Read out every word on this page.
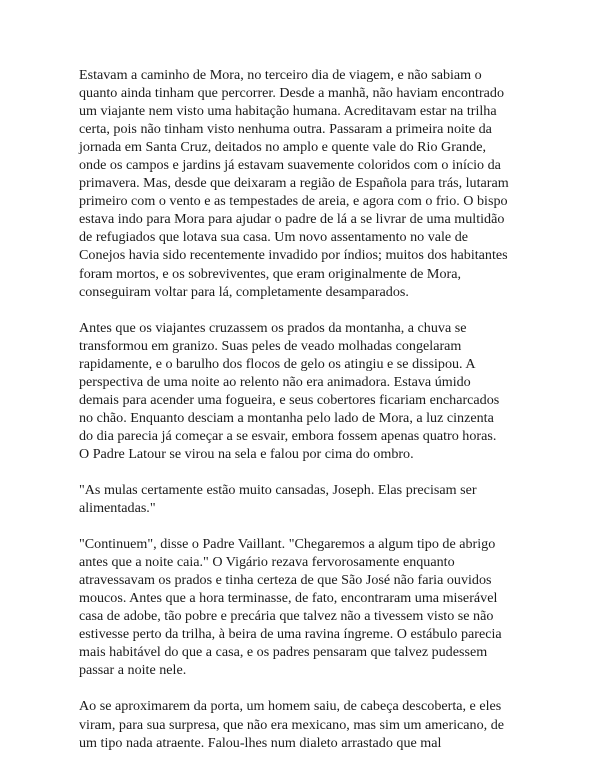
Estavam a caminho de Mora, no terceiro dia de viagem, e não sabiam o
quanto ainda tinham que percorrer. Desde a manhã, não haviam encontrado
um viajante nem visto uma habitação humana. Acreditavam estar na trilha
certa, pois não tinham visto nenhuma outra. Passaram a primeira noite da
jornada em Santa Cruz, deitados no amplo e quente vale do Rio Grande,
onde os campos e jardins já estavam suavemente coloridos com o início da
primavera. Mas, desde que deixaram a região de Española para trás, lutaram
primeiro com o vento e as tempestades de areia, e agora com o frio. O bispo
estava indo para Mora para ajudar o padre de lá a se livrar de uma multidão
de refugiados que lotava sua casa. Um novo assentamento no vale de
Conejos havia sido recentemente invadido por índios; muitos dos habitantes
foram mortos, e os sobreviventes, que eram originalmente de Mora,
conseguiram voltar para lá, completamente desamparados.

Antes que os viajantes cruzassem os prados da montanha, a chuva se
transformou em granizo. Suas peles de veado molhadas congelaram
rapidamente, e o barulho dos flocos de gelo os atingiu e se dissipou. A
perspectiva de uma noite ao relento não era animadora. Estava úmido
demais para acender uma fogueira, e seus cobertores ficariam encharcados
no chão. Enquanto desciam a montanha pelo lado de Mora, a luz cinzenta
do dia parecia já começar a se esvair, embora fossem apenas quatro horas.
O Padre Latour se virou na sela e falou por cima do ombro.

"As mulas certamente estão muito cansadas, Joseph. Elas precisam ser
alimentadas."

"Continuem", disse o Padre Vaillant. "Chegaremos a algum tipo de abrigo
antes que a noite caia." O Vigário rezava fervorosamente enquanto
atravessavam os prados e tinha certeza de que São José não faria ouvidos
moucos. Antes que a hora terminasse, de fato, encontraram uma miserável
casa de adobe, tão pobre e precária que talvez não a tivessem visto se não
estivesse perto da trilha, à beira de uma ravina íngreme. O estábulo parecia
mais habitável do que a casa, e os padres pensaram que talvez pudessem
passar a noite nele.

Ao se aproximarem da porta, um homem saiu, de cabeça descoberta, e eles
viram, para sua surpresa, que não era mexicano, mas sim um americano, de
um tipo nada atraente. Falou-lhes num dialeto arrastado que mal
